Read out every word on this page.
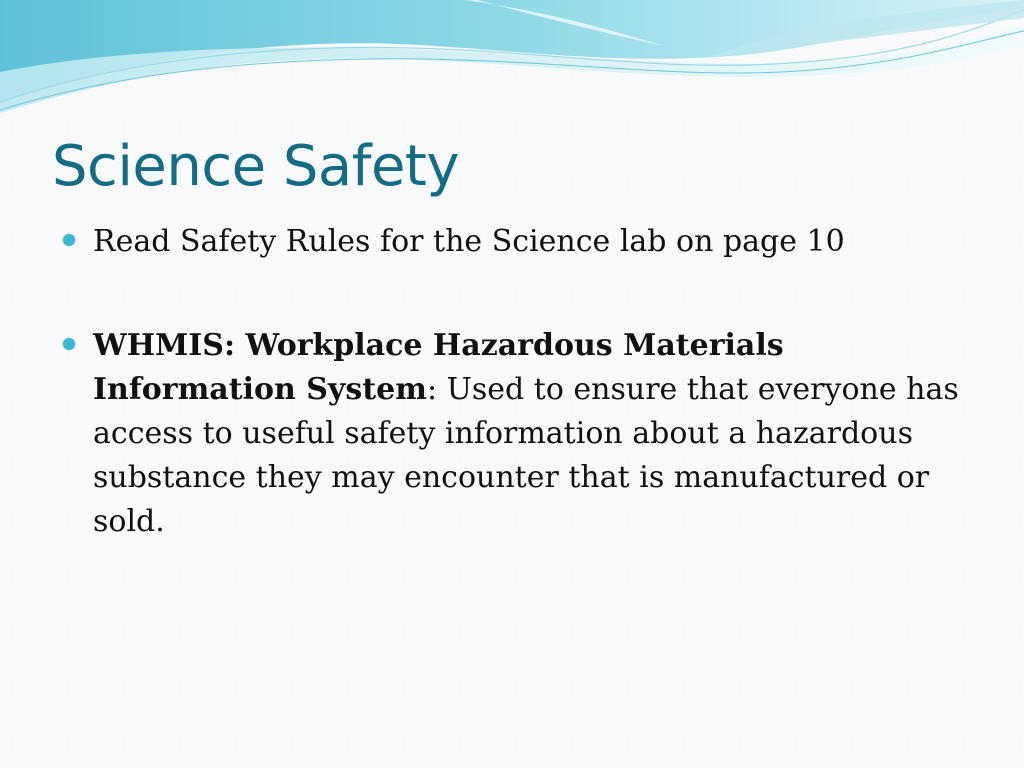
Science Safety
Read Safety Rules for the Science lab on page 10
WHMIS: Workplace Hazardous Materials Information System: Used to ensure that everyone has access to useful safety information about a hazardous substance they may encounter that is manufactured or sold.
